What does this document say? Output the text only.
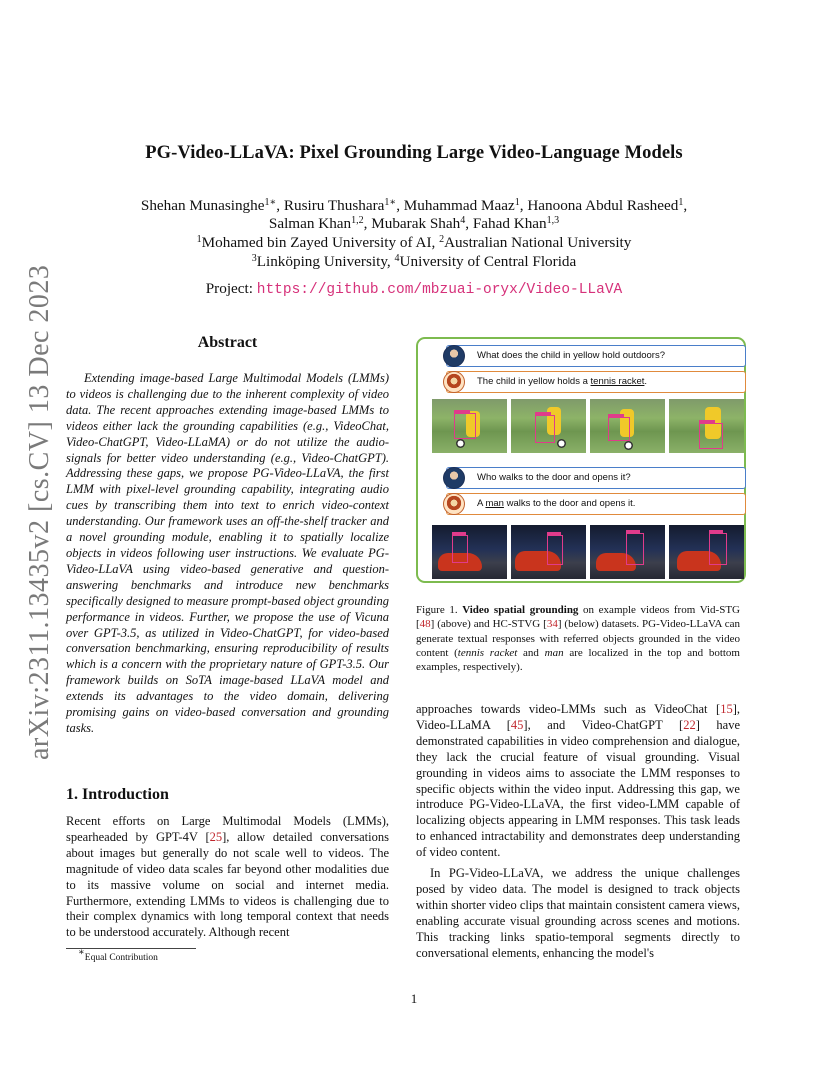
arXiv:2311.13435v2 [cs.CV] 13 Dec 2023
PG-Video-LLaVA: Pixel Grounding Large Video-Language Models
Shehan Munasinghe$^{1∗}$, Rusiru Thushara$^{1∗}$, Muhammad Maaz$^1$, Hanoona Abdul Rasheed$^1$,
Salman Khan$^{1,2}$, Mubarak Shah$^4$, Fahad Khan$^{1,3}$
$^1$Mohamed bin Zayed University of AI, $^2$Australian National University
$^3$Linköping University, $^4$University of Central Florida
Project: https://github.com/mbzuai-oryx/Video-LLaVA
Abstract

Extending image-based Large Multimodal Models (LMMs) to videos is challenging due to the inherent complexity of video data. The recent approaches extending image-based LMMs to videos either lack the grounding capabilities (e.g., VideoChat, Video-ChatGPT, Video-LLaMA) or do not utilize the audio-signals for better video understanding (e.g., Video-ChatGPT). Addressing these gaps, we propose PG-Video-LLaVA, the first LMM with pixel-level grounding capability, integrating audio cues by transcribing them into text to enrich video-context understanding. Our framework uses an off-the-shelf tracker and a novel grounding module, enabling it to spatially localize objects in videos following user instructions. We evaluate PG-Video-LLaVA using video-based generative and question-answering benchmarks and introduce new benchmarks specifically designed to measure prompt-based object grounding performance in videos. Further, we propose the use of Vicuna over GPT-3.5, as utilized in Video-ChatGPT, for video-based conversation benchmarking, ensuring reproducibility of results which is a concern with the proprietary nature of GPT-3.5. Our framework builds on SoTA image-based LLaVA model and extends its advantages to the video domain, delivering promising gains on video-based conversation and grounding tasks.

1. Introduction

Recent efforts on Large Multimodal Models (LMMs), spearheaded by GPT-4V [25], allow detailed conversations about images but generally do not scale well to videos. The magnitude of video data scales far beyond other modalities due to its massive volume on social and internet media. Furthermore, extending LMMs to videos is challenging due to their complex dynamics with long temporal context that needs to be understood accurately. Although recent

∗Equal Contribution
What does the child in yellow hold outdoors?
The child in yellow holds a tennis racket.
Who walks to the door and opens it?
A man walks to the door and opens it.
Figure 1. Video spatial grounding on example videos from Vid-STG [48] (above) and HC-STVG [34] (below) datasets. PG-Video-LLaVA can generate textual responses with referred objects grounded in the video content (tennis racket and man are localized in the top and bottom examples, respectively).

approaches towards video-LMMs such as VideoChat [15], Video-LLaMA [45], and Video-ChatGPT [22] have demonstrated capabilities in video comprehension and dialogue, they lack the crucial feature of visual grounding. Visual grounding in videos aims to associate the LMM responses to specific objects within the video input. Addressing this gap, we introduce PG-Video-LLaVA, the first video-LMM capable of localizing objects appearing in LMM responses. This task leads to enhanced intractability and demonstrates deep understanding of video content.

In PG-Video-LLaVA, we address the unique challenges posed by video data. The model is designed to track objects within shorter video clips that maintain consistent camera views, enabling accurate visual grounding across scenes and motions. This tracking links spatio-temporal segments directly to conversational elements, enhancing the model's

1
